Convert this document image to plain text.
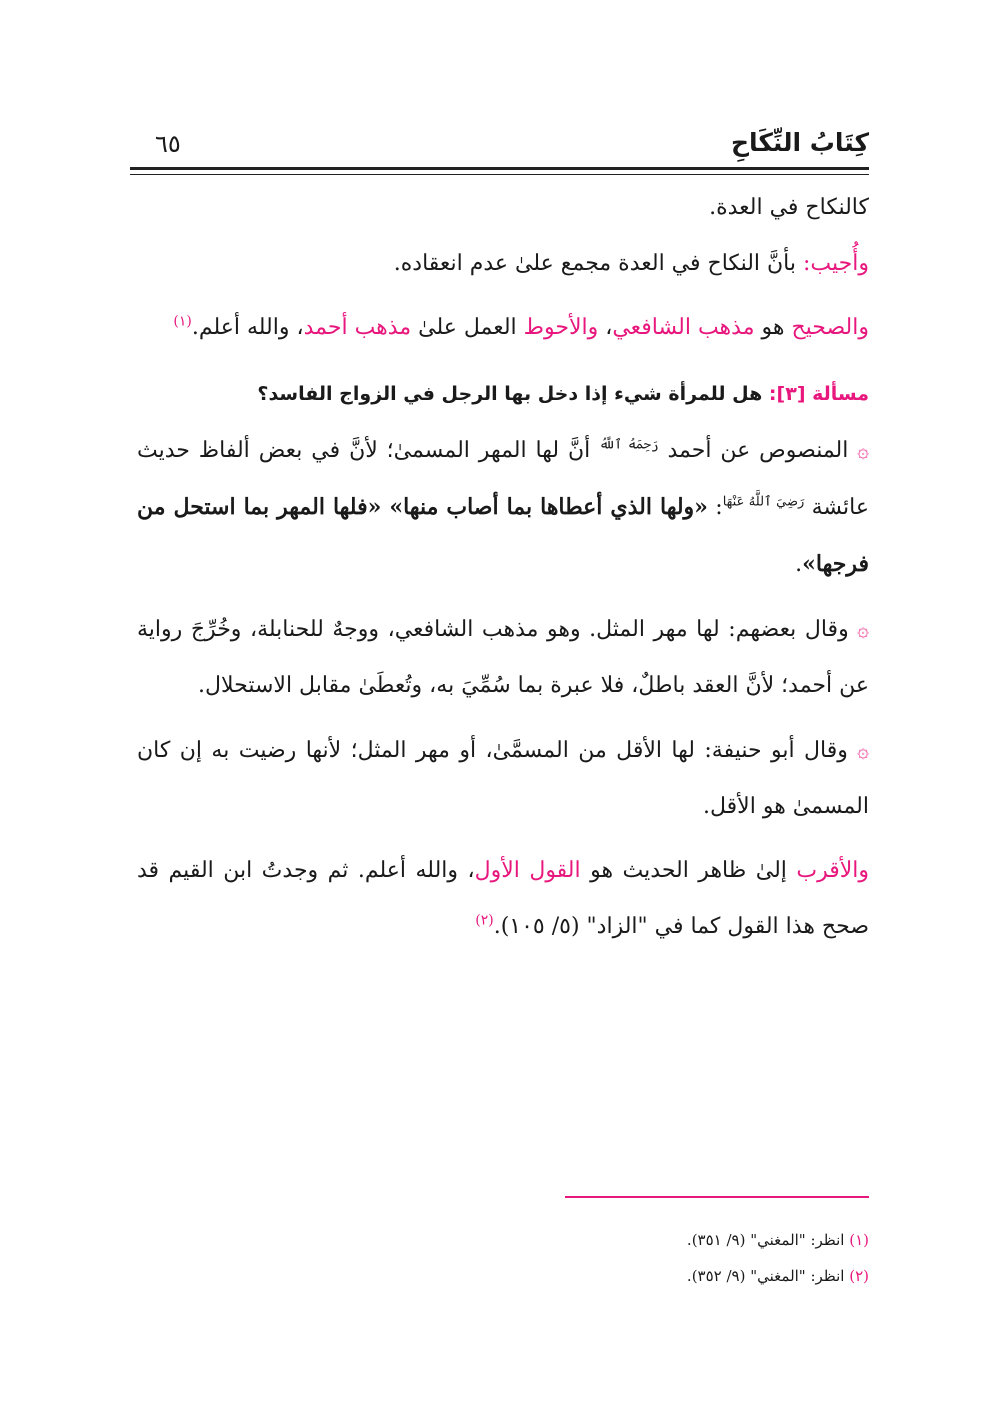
كِتَابُ النِّكَاحِ
٦٥

كالنكاح في العدة.

وأُجيب: بأنَّ النكاح في العدة مجمع علىٰ عدم انعقاده.

والصحيح هو مذهب الشافعي، والأحوط العمل علىٰ مذهب أحمد، والله أعلم.$^{(١)}$

مسألة [٣]: هل للمرأة شيء إذا دخل بها الرجل في الزواج الفاسد؟

۞ المنصوص عن أحمد $^{رَحِمَهُ ٱللَّهُ}$ أنَّ لها المهر المسمىٰ؛ لأنَّ في بعض ألفاظ حديث عائشة $^{رَضِيَ ٱللَّهُ عَنْهَا}$: «ولها الذي أعطاها بما أصاب منها» «فلها المهر بما استحل من فرجها».

۞ وقال بعضهم: لها مهر المثل. وهو مذهب الشافعي، ووجهٌ للحنابلة، وخُرِّجَ رواية عن أحمد؛ لأنَّ العقد باطلٌ، فلا عبرة بما سُمِّيَ به، وتُعطَىٰ مقابل الاستحلال.

۞ وقال أبو حنيفة: لها الأقل من المسمَّىٰ، أو مهر المثل؛ لأنها رضيت به إن كان المسمىٰ هو الأقل.

والأقرب إلىٰ ظاهر الحديث هو القول الأول، والله أعلم. ثم وجدتُ ابن القيم قد صحح هذا القول كما في "الزاد" (٥/ ١٠٥).$^{(٢)}$

(١) انظر: "المغني" (٩/ ٣٥١).

(٢) انظر: "المغني" (٩/ ٣٥٢).
